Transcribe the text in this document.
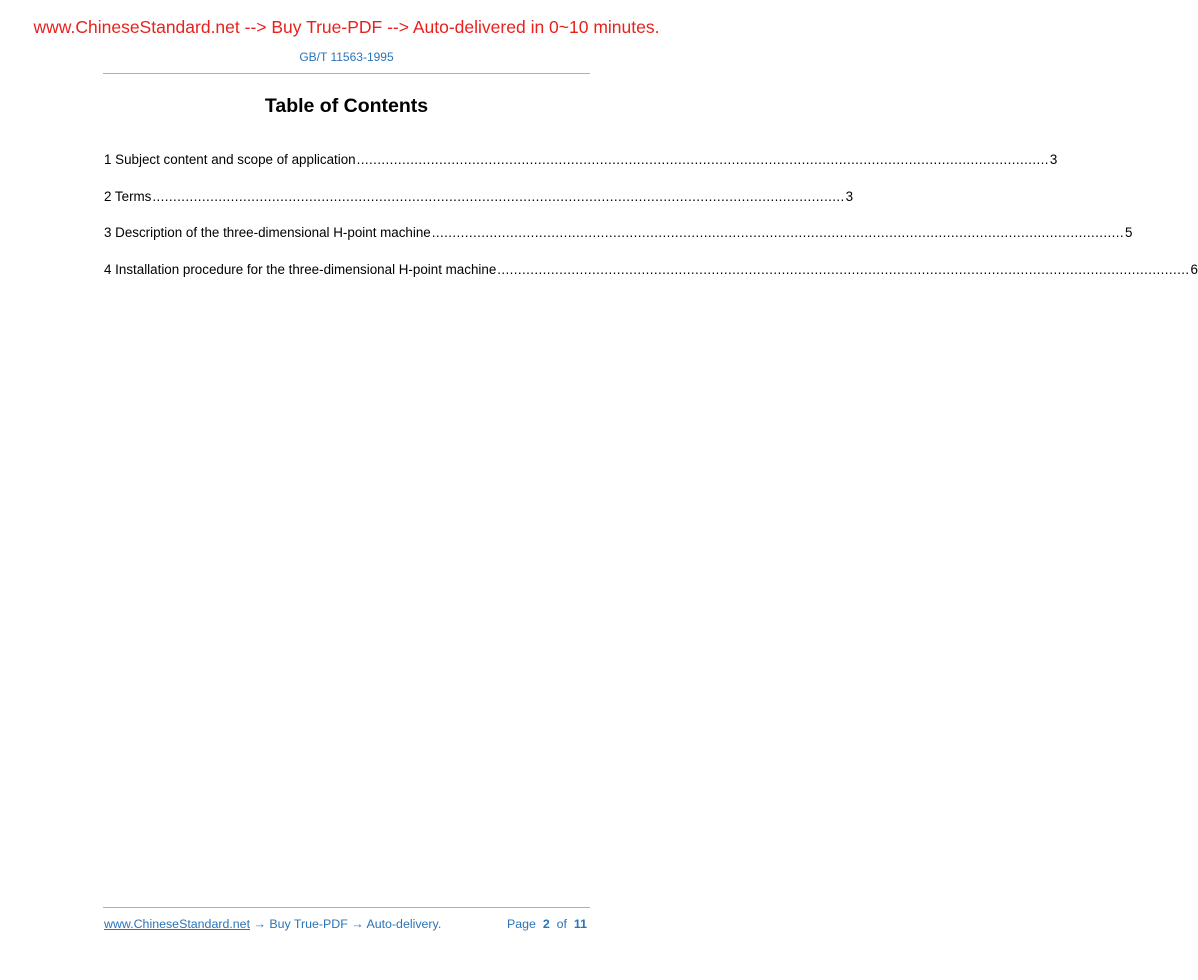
www.ChineseStandard.net --> Buy True-PDF --> Auto-delivered in 0~10 minutes.
GB/T 11563-1995
Table of Contents
1 Subject content and scope of application ........................................................................................................................................................................ 3
2 Terms ........................................................................................................................................................................ 3
3 Description of the three-dimensional H-point machine ........................................................................................................................................................................ 5
4 Installation procedure for the three-dimensional H-point machine ........................................................................................................................................................................ 6
www.ChineseStandard.net → Buy True-PDF → Auto-delivery.	Page 2 of 11
